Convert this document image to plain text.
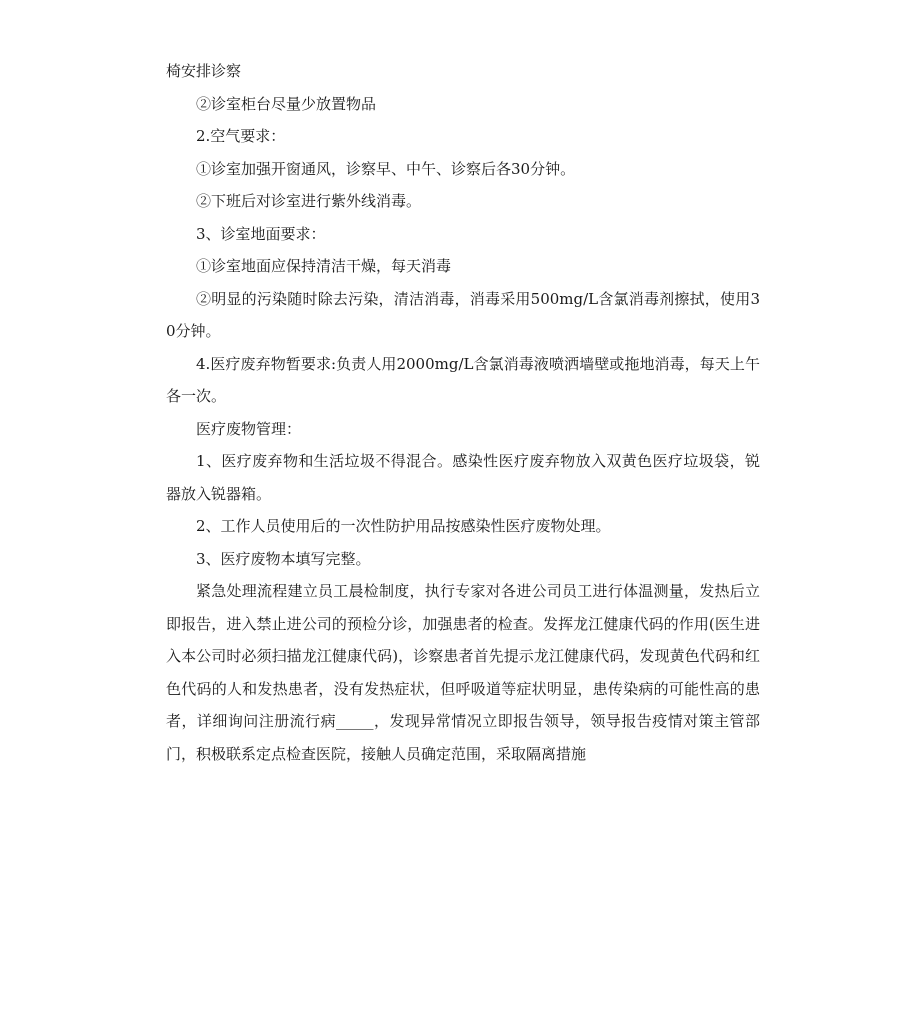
椅安排诊察

②诊室柜台尽量少放置物品

2.空气要求：

①诊室加强开窗通风，诊察早、中午、诊察后各30分钟。

②下班后对诊室进行紫外线消毒。

3、诊室地面要求：

①诊室地面应保持清洁干燥，每天消毒

②明显的污染随时除去污染，清洁消毒，消毒采用500mg/L含氯消毒剂擦拭，使用30分钟。

4.医疗废弃物暂要求:负责人用2000mg/L含氯消毒液喷洒墙壁或拖地消毒，每天上午各一次。

医疗废物管理：

1、医疗废弃物和生活垃圾不得混合。感染性医疗废弃物放入双黄色医疗垃圾袋，锐器放入锐器箱。

2、工作人员使用后的一次性防护用品按感染性医疗废物处理。

3、医疗废物本填写完整。

紧急处理流程建立员工晨检制度，执行专家对各进公司员工进行体温测量，发热后立即报告，进入禁止进公司的预检分诊，加强患者的检查。发挥龙江健康代码的作用(医生进入本公司时必须扫描龙江健康代码)，诊察患者首先提示龙江健康代码，发现黄色代码和红色代码的人和发热患者，没有发热症状，但呼吸道等症状明显，患传染病的可能性高的患者，详细询问注册流行病_____，发现异常情况立即报告领导，领导报告疫情对策主管部门，积极联系定点检查医院，接触人员确定范围，采取隔离措施
